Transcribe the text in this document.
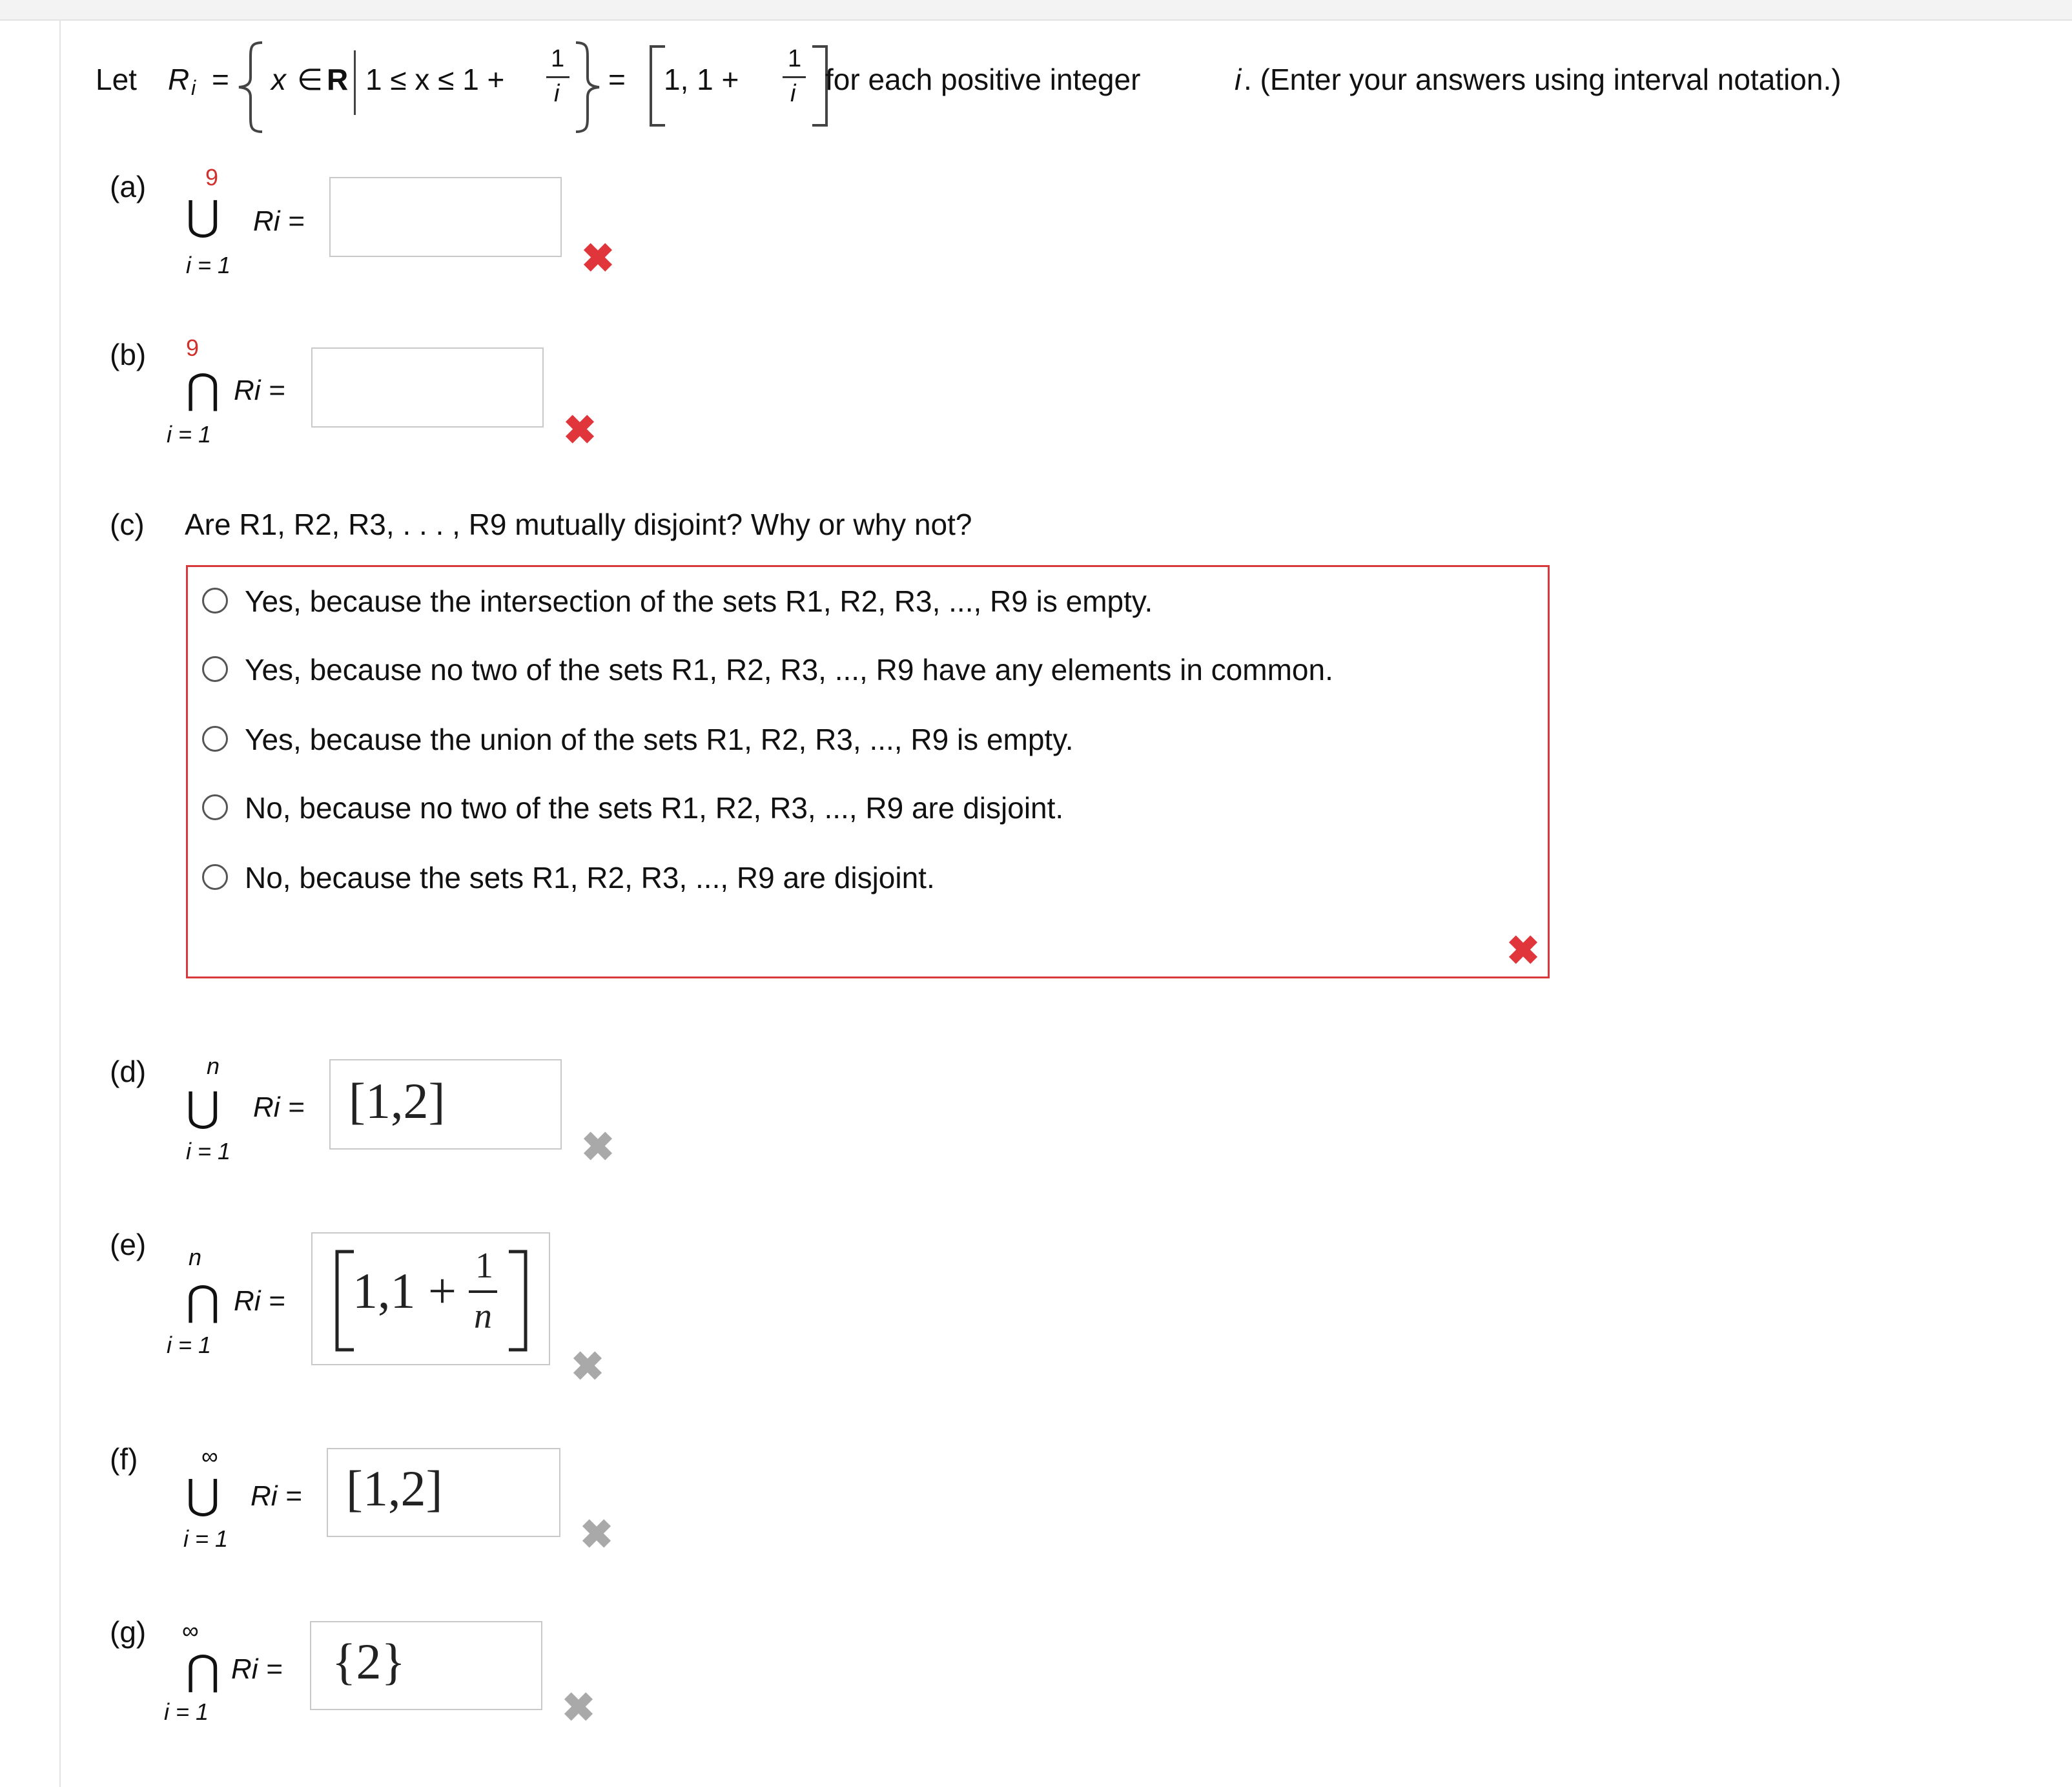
Let R i = x ∈ R 1 ≤ x ≤ 1 +
1
i = 1, 1 +
1
i for each positive integer	i . (Enter your answers using interval notation.)
(a)	9
⋃
i = 1
Ri =
✖
(b) 9
⋂
i = 1
Ri =
✖
(c) Are R1, R2, R3, . . . , R9 mutually disjoint? Why or why not?
Yes, because the intersection of the sets R1, R2, R3, ..., R9 is empty.
Yes, because no two of the sets R1, R2, R3, ..., R9 have any elements in common.
Yes, because the union of the sets R1, R2, R3, ..., R9 is empty.
No, because no two of the sets R1, R2, R3, ..., R9 are disjoint.
No, because the sets R1, R2, R3, ..., R9 are disjoint.
✖
(d)	n
⋃
i = 1
Ri = [1,2]
✖
(e) n
⋂
i = 1
Ri = 1,1 + 1
n
✖
(f)	∞
⋃
i = 1
Ri = [1,2]
✖
(g) ∞
⋂
i = 1
Ri = {2}
✖
